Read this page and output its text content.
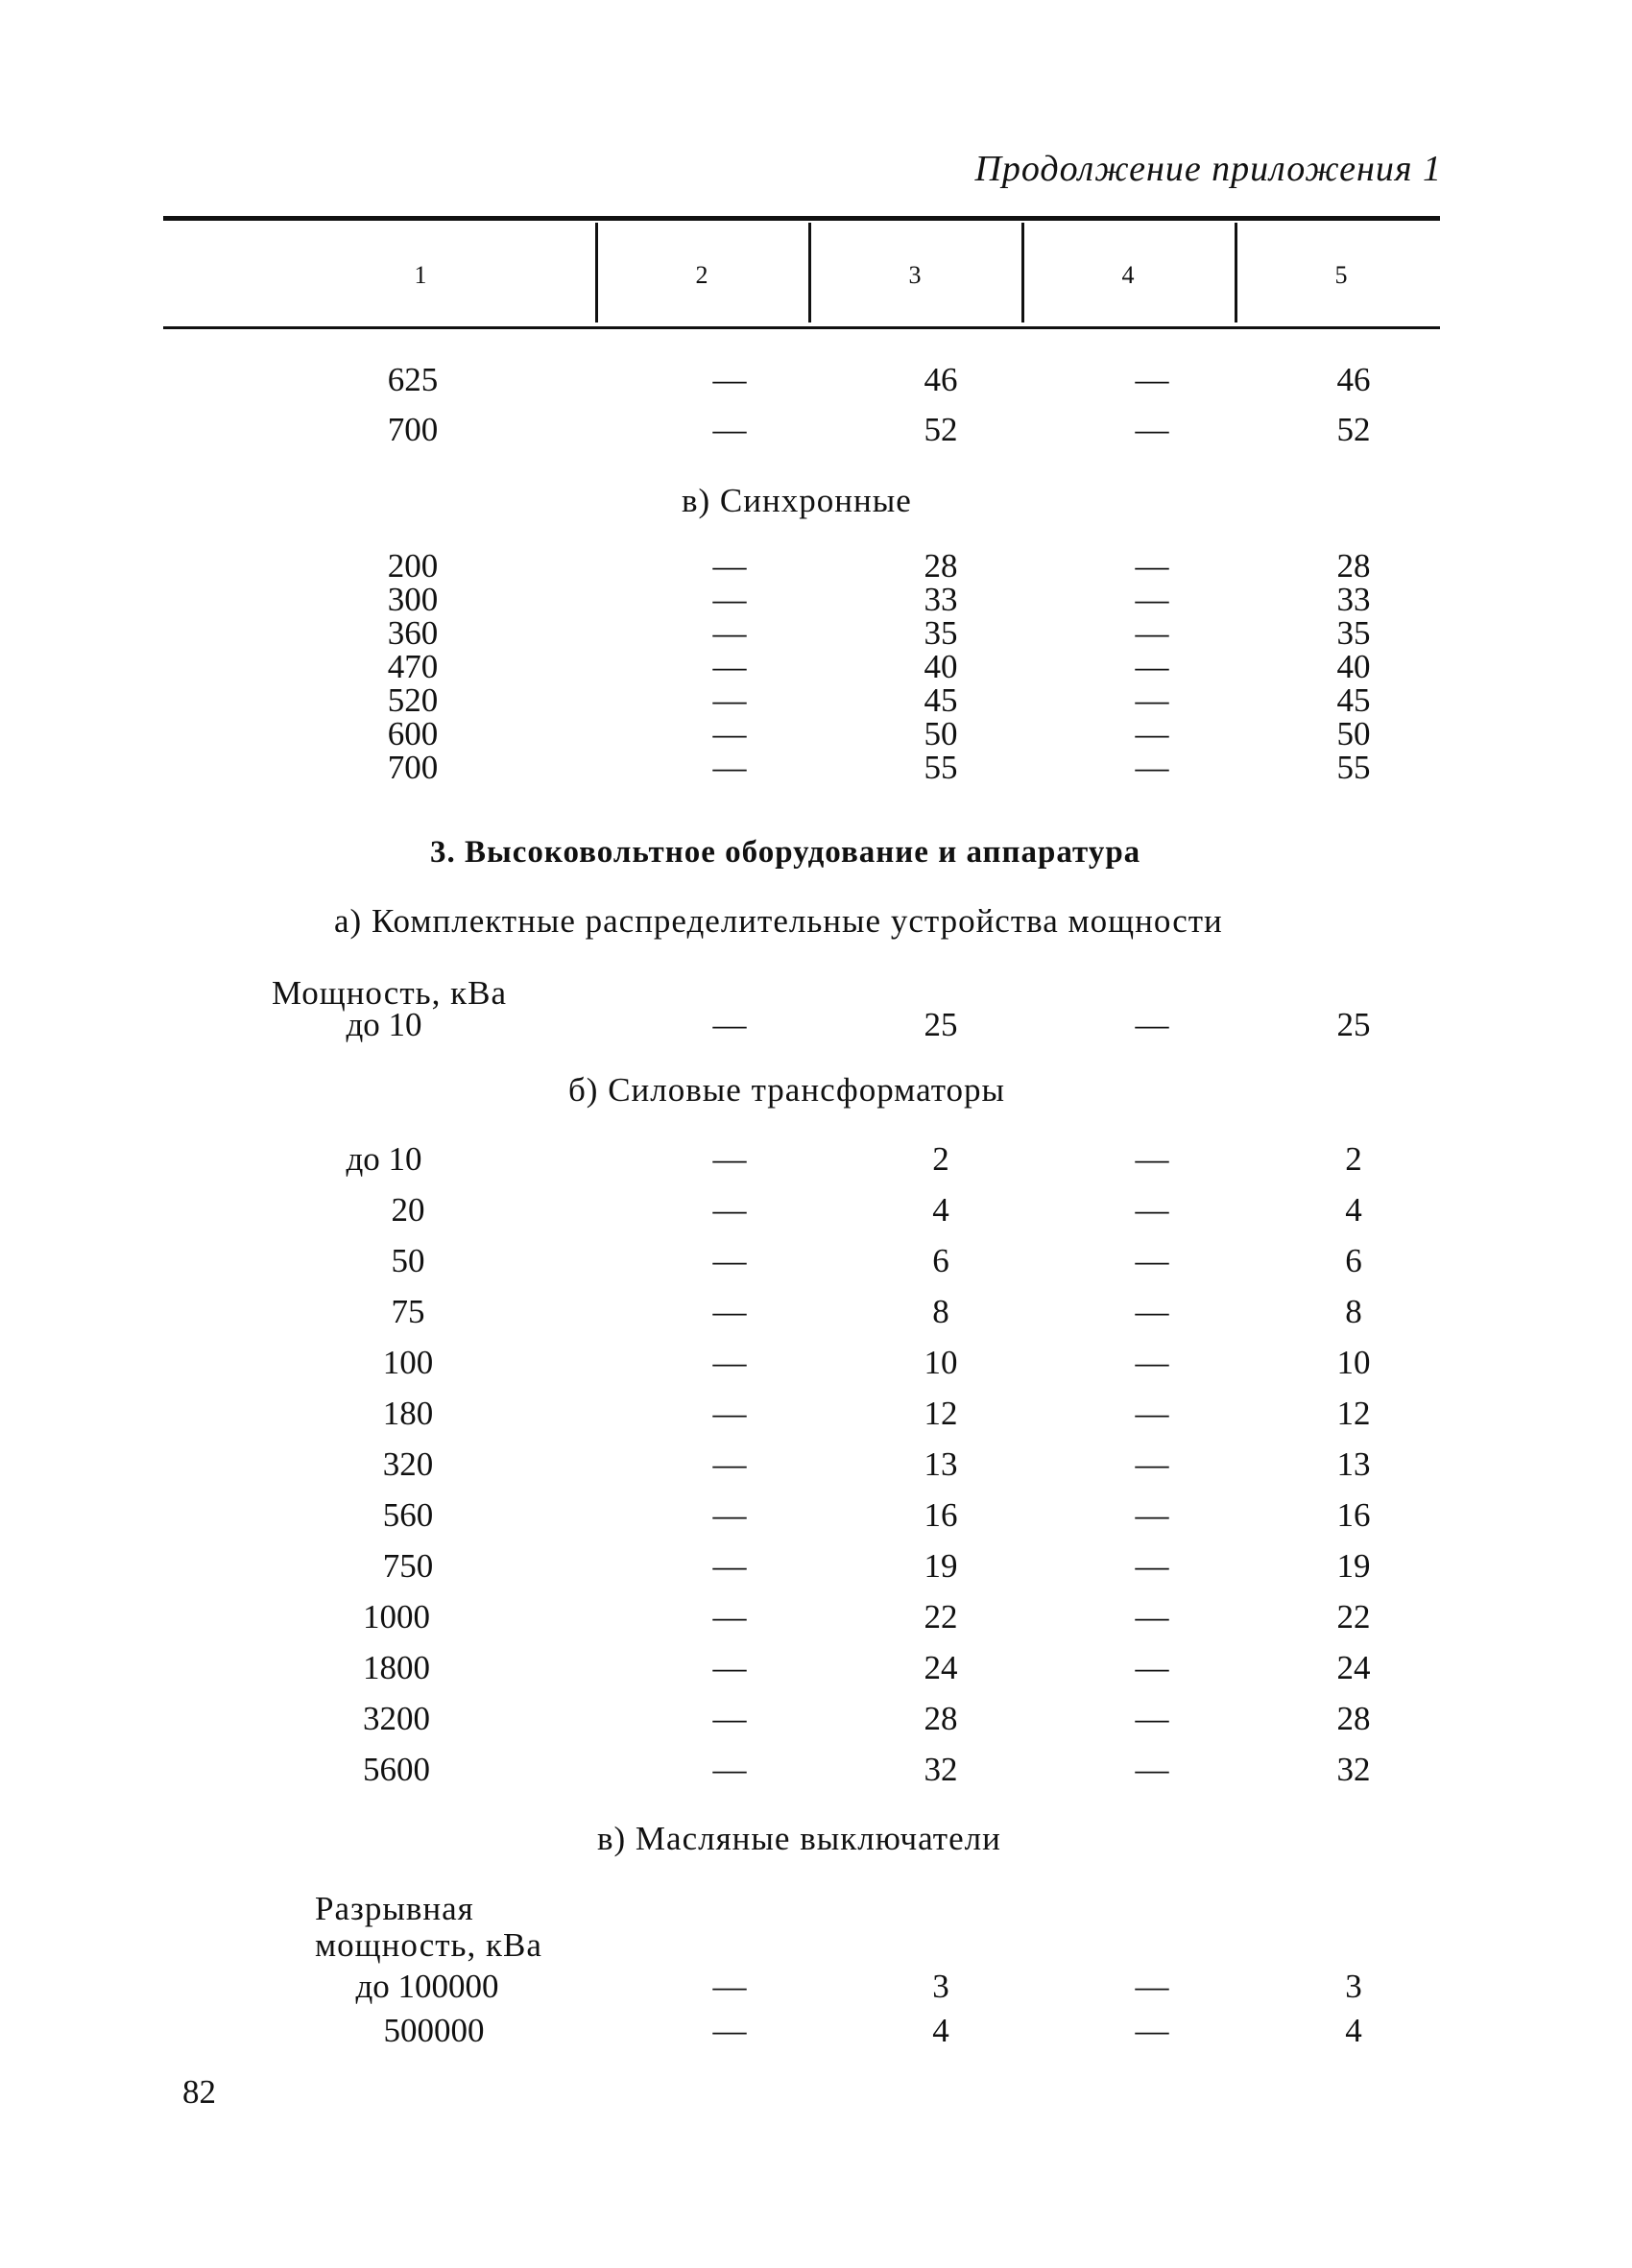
Продолжение приложения 1
1	2	3	4	5
625	—	46	—	46
700	—	52	—	52
в) Синхронные
200	—	28	—	28
300	—	33	—	33
360	—	35	—	35
470	—	40	—	40
520	—	45	—	45
600	—	50	—	50
700	—	55	—	55
3. Высоковольтное оборудование и аппаратура
а) Комплектные распределительные устройства мощности
Мощность, кВа
до 10	—	25	—	25
б) Силовые трансформаторы
до 10	—	2	—	2
20	—	4	—	4
50	—	6	—	6
75	—	8	—	8
100	—	10	—	10
180	—	12	—	12
320	—	13	—	13
560	—	16	—	16
750	—	19	—	19
1000	—	22	—	22
1800	—	24	—	24
3200	—	28	—	28
5600	—	32	—	32
в) Масляные выключатели
Разрывная
мощность, кВа
до 100000	—	3	—	3
500000	—	4	—	4
82
